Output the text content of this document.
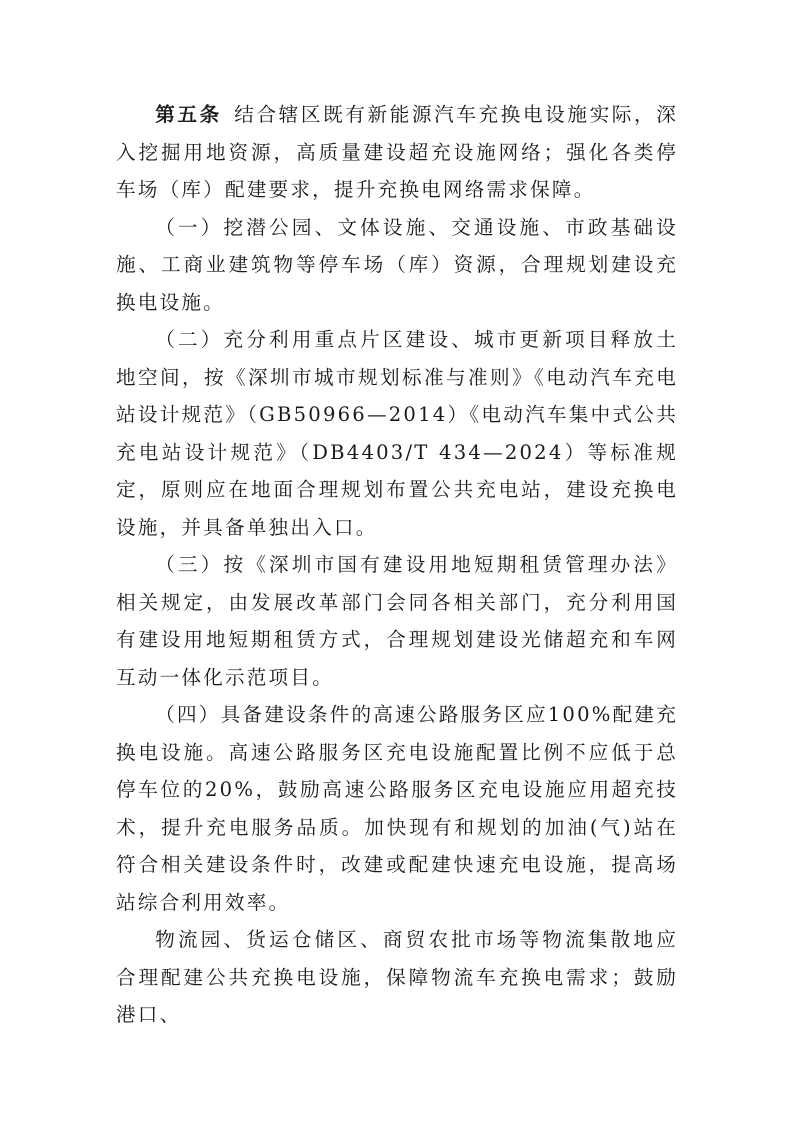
第五条 结合辖区既有新能源汽车充换电设施实际，深入挖掘用地资源，高质量建设超充设施网络；强化各类停车场（库）配建要求，提升充换电网络需求保障。

（一）挖潜公园、文体设施、交通设施、市政基础设施、工商业建筑物等停车场（库）资源，合理规划建设充换电设施。

（二）充分利用重点片区建设、城市更新项目释放土地空间，按《深圳市城市规划标准与准则》《电动汽车充电站设计规范》（GB50966—2014）《电动汽车集中式公共充电站设计规范》（DB4403/T 434—2024）等标准规定，原则应在地面合理规划布置公共充电站，建设充换电设施，并具备单独出入口。

（三）按《深圳市国有建设用地短期租赁管理办法》相关规定，由发展改革部门会同各相关部门，充分利用国有建设用地短期租赁方式，合理规划建设光储超充和车网互动一体化示范项目。

（四）具备建设条件的高速公路服务区应100%配建充换电设施。高速公路服务区充电设施配置比例不应低于总停车位的20%，鼓励高速公路服务区充电设施应用超充技术，提升充电服务品质。加快现有和规划的加油(气)站在符合相关建设条件时，改建或配建快速充电设施，提高场站综合利用效率。

物流园、货运仓储区、商贸农批市场等物流集散地应合理配建公共充换电设施，保障物流车充换电需求；鼓励港口、
